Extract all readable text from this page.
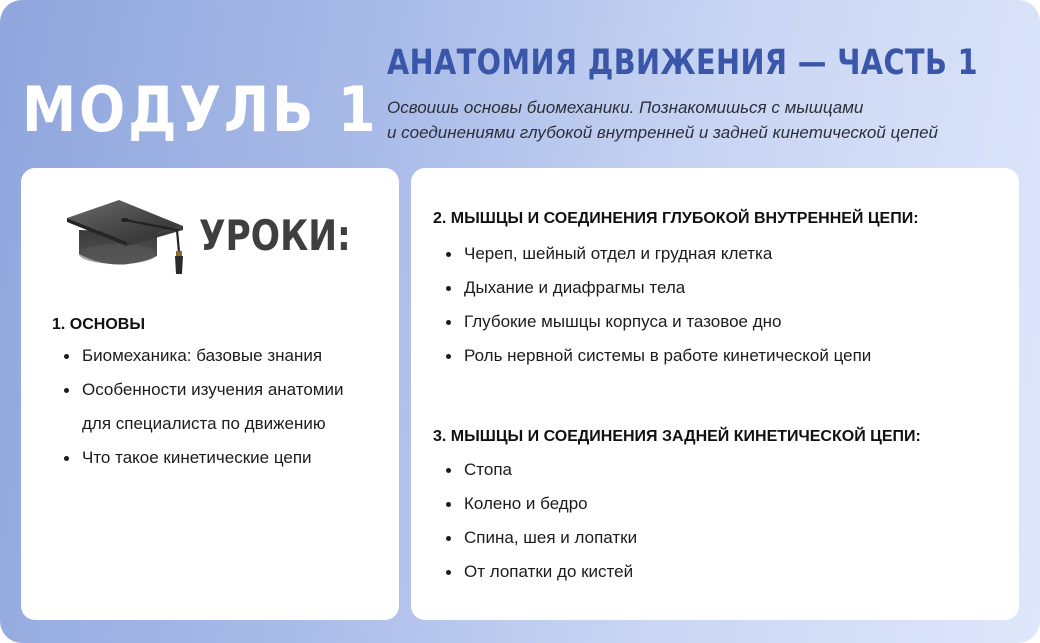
МОДУЛЬ 1
АНАТОМИЯ ДВИЖЕНИЯ — ЧАСТЬ 1
Освоишь основы биомеханики. Познакомишься с мышцами
и соединениями глубокой внутренней и задней кинетической цепей
УРОКИ:
1. ОСНОВЫ
Биомеханика: базовые знания
Особенности изучения анатомии
для специалиста по движению
Что такое кинетические цепи
2. МЫШЦЫ И СОЕДИНЕНИЯ ГЛУБОКОЙ ВНУТРЕННЕЙ ЦЕПИ:
Череп, шейный отдел и грудная клетка
Дыхание и диафрагмы тела
Глубокие мышцы корпуса и тазовое дно
Роль нервной системы в работе кинетической цепи
3. МЫШЦЫ И СОЕДИНЕНИЯ ЗАДНЕЙ КИНЕТИЧЕСКОЙ ЦЕПИ:
Стопа
Колено и бедро
Спина, шея и лопатки
От лопатки до кистей
